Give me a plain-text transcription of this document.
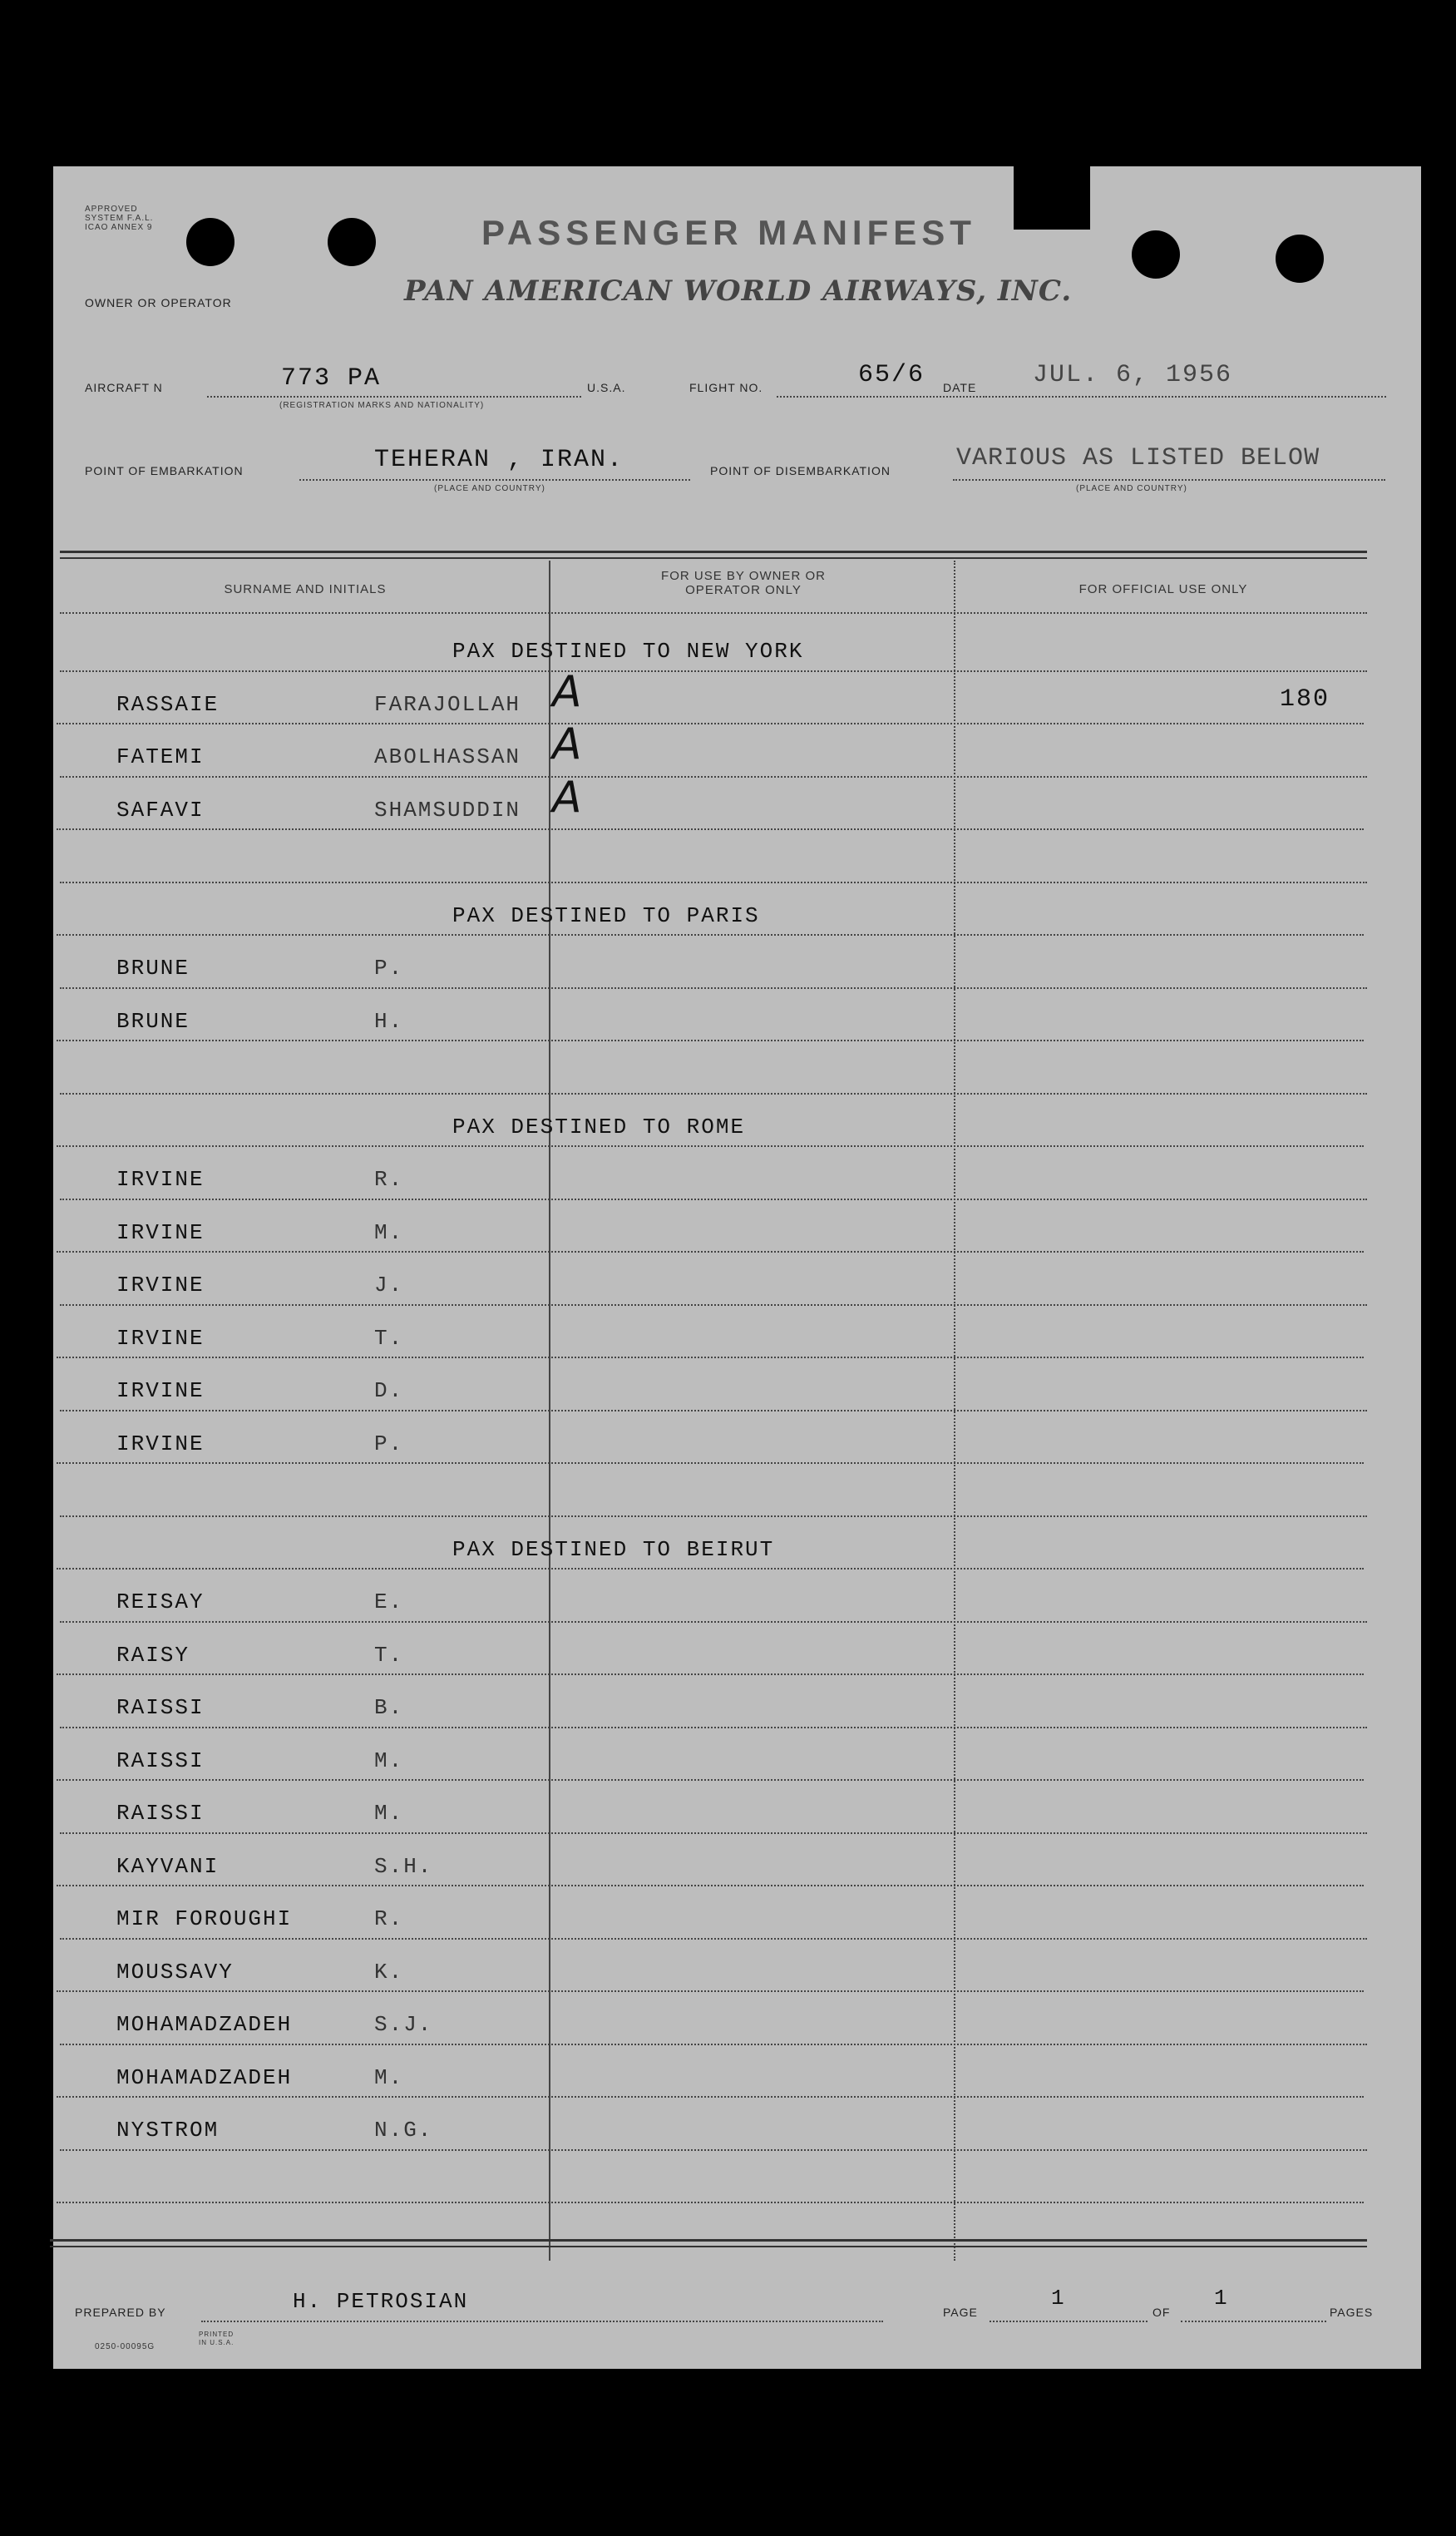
APPROVED
SYSTEM F.A.L.
ICAO ANNEX 9	PASSENGER MANIFEST
OWNER OR OPERATOR	PAN AMERICAN WORLD AIRWAYS, INC.
AIRCRAFT N	773 PA
(REGISTRATION MARKS AND NATIONALITY)
U.S.A.	FLIGHT NO.	65/6 DATE JUL. 6, 1956
POINT OF EMBARKATION	TEHERAN , IRAN.
(PLACE AND COUNTRY)
POINT OF DISEMBARKATION	VARIOUS AS LISTED BELOW
(PLACE AND COUNTRY)
SURNAME AND INITIALS
FOR USE BY OWNER OR OPERATOR ONLY	FOR OFFICIAL USE ONLY
PAX DESTINED TO NEW YORK
RASSAIE	FARAJOLLAH A	180
FATEMI	ABOLHASSAN A
SAFAVI	SHAMSUDDIN A
PAX DESTINED TO PARIS
BRUNE	P.
BRUNE	H.
PAX DESTINED TO ROME
IRVINE	R.
IRVINE	M.
IRVINE	J.
IRVINE	T.
IRVINE	D.
IRVINE	P.
PAX DESTINED TO BEIRUT
REISAY	E.
RAISY	T.
RAISSI	B.
RAISSI	M.
RAISSI	M.
KAYVANI	S.H.
MIR FOROUGHI	R.
MOUSSAVY	K.
MOHAMADZADEH	S.J.
MOHAMADZADEH	M.
NYSTROM	N.G.
PREPARED BY	H. PETROSIAN	PAGE
1
OF
1
PAGES
0250-00095G
PRINTED IN U.S.A.
